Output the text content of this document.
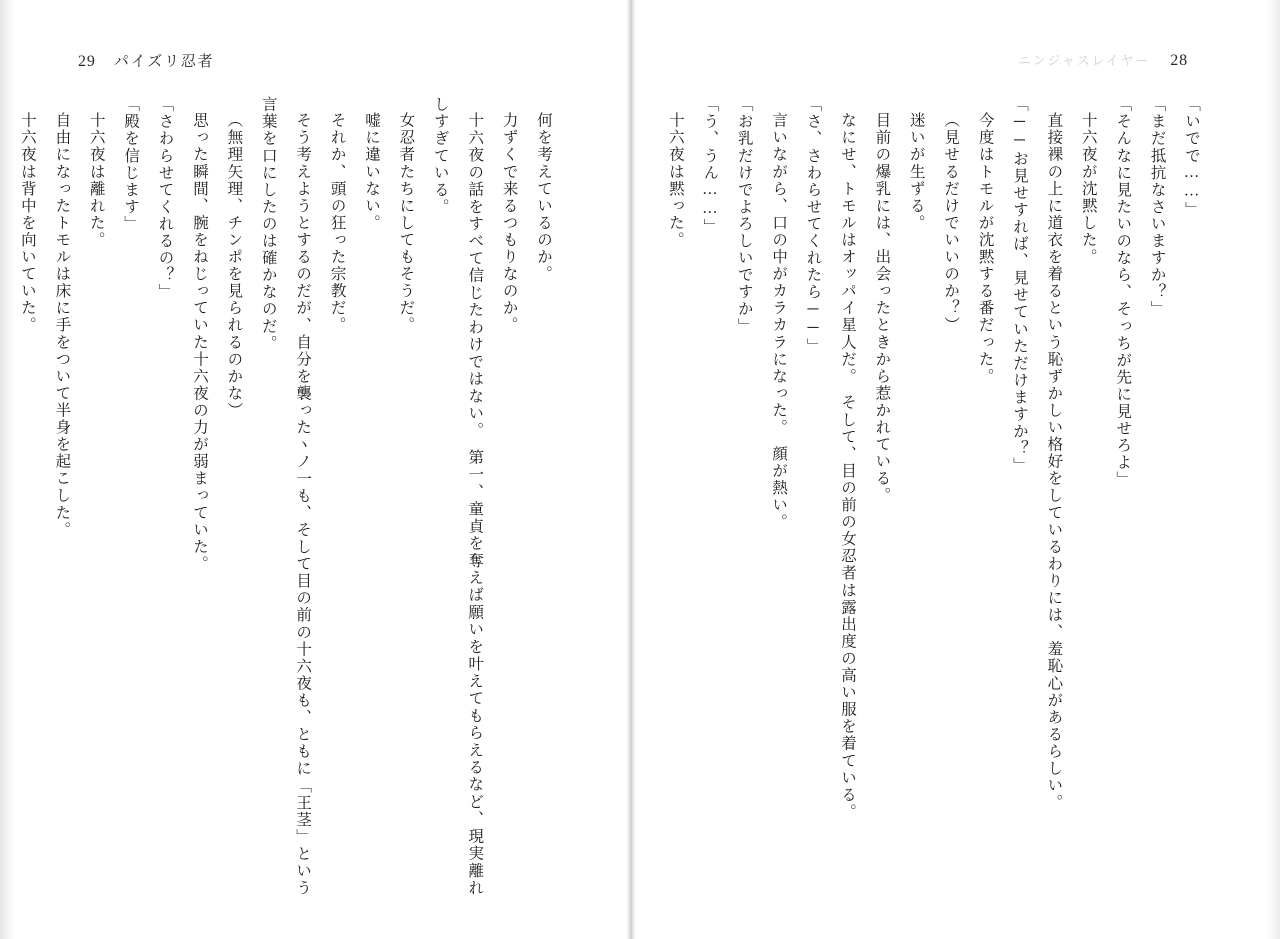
29 パイズリ忍者

何を考えているのか。

力ずくで来るつもりなのか。

十六夜の話をすべて信じたわけではない。　第一、童貞を奪えば願いを叶えてもらえるなど、現実離れしすぎている。

女忍者たちにしてもそうだ。

嘘に違いない。

それか、頭の狂った宗教だ。

そう考えようとするのだが、自分を襲ったヽノ一も、そして目の前の十六夜も、ともに「王茎」という言葉を口にしたのは確かなのだ。

（無理矢理、チンポを見られるのかな）

思った瞬間、腕をねじっていた十六夜の力が弱まっていた。

「さわらせてくれるの？」

「殿を信じます」

十六夜は離れた。

自由になったトモルは床に手をついて半身を起こした。

十六夜は背中を向いていた。

ニンジャスレイヤー 28

「いでで……」

「まだ抵抗なさいますか？」

「そんなに見たいのなら、そっちが先に見せろよ」

十六夜が沈黙した。

直接裸の上に道衣を着るという恥ずかしい格好をしているわりには、羞恥心があるらしい。

「──お見せすれば、見せていただけますか？」

今度はトモルが沈黙する番だった。

（見せるだけでいいのか？）

迷いが生ずる。

目前の爆乳には、出会ったときから惹かれている。

なにせ、トモルはオッパイ星人だ。　そして、目の前の女忍者は露出度の高い服を着ている。

「さ、さわらせてくれたら──」

言いながら、口の中がカラカラになった。　顔が熱い。

「お乳だけでよろしいですか」

「う、うん……」

十六夜は黙った。
